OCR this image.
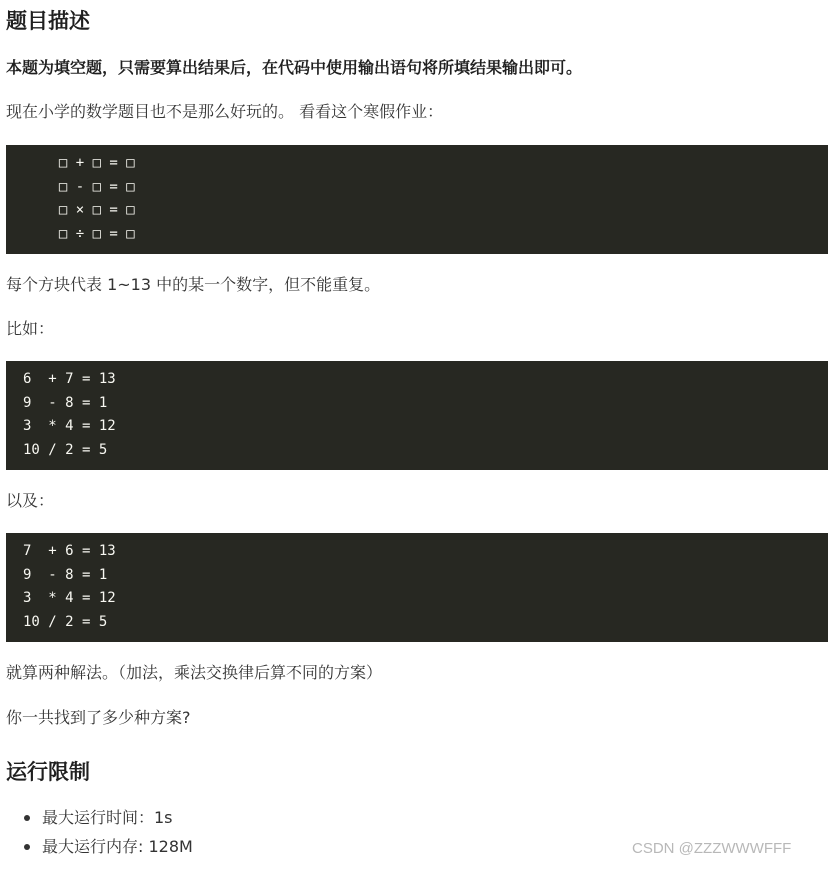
题目描述

本题为填空题，只需要算出结果后，在代码中使用输出语句将所填结果输出即可。

现在小学的数学题目也不是那么好玩的。 看看这个寒假作业：

□ + □ = □
□ - □ = □
□ × □ = □
□ ÷ □ = □

每个方块代表 1~13 中的某一个数字，但不能重复。

比如：

6  + 7 = 13
9  - 8 = 1
3  * 4 = 12
10 / 2 = 5

以及：

7  + 6 = 13
9  - 8 = 1
3  * 4 = 12
10 / 2 = 5

就算两种解法。（加法，乘法交换律后算不同的方案）

你一共找到了多少种方案?

运行限制
最大运行时间：1s
最大运行内存: 128M	CSDN @ZZZWWWFFF
